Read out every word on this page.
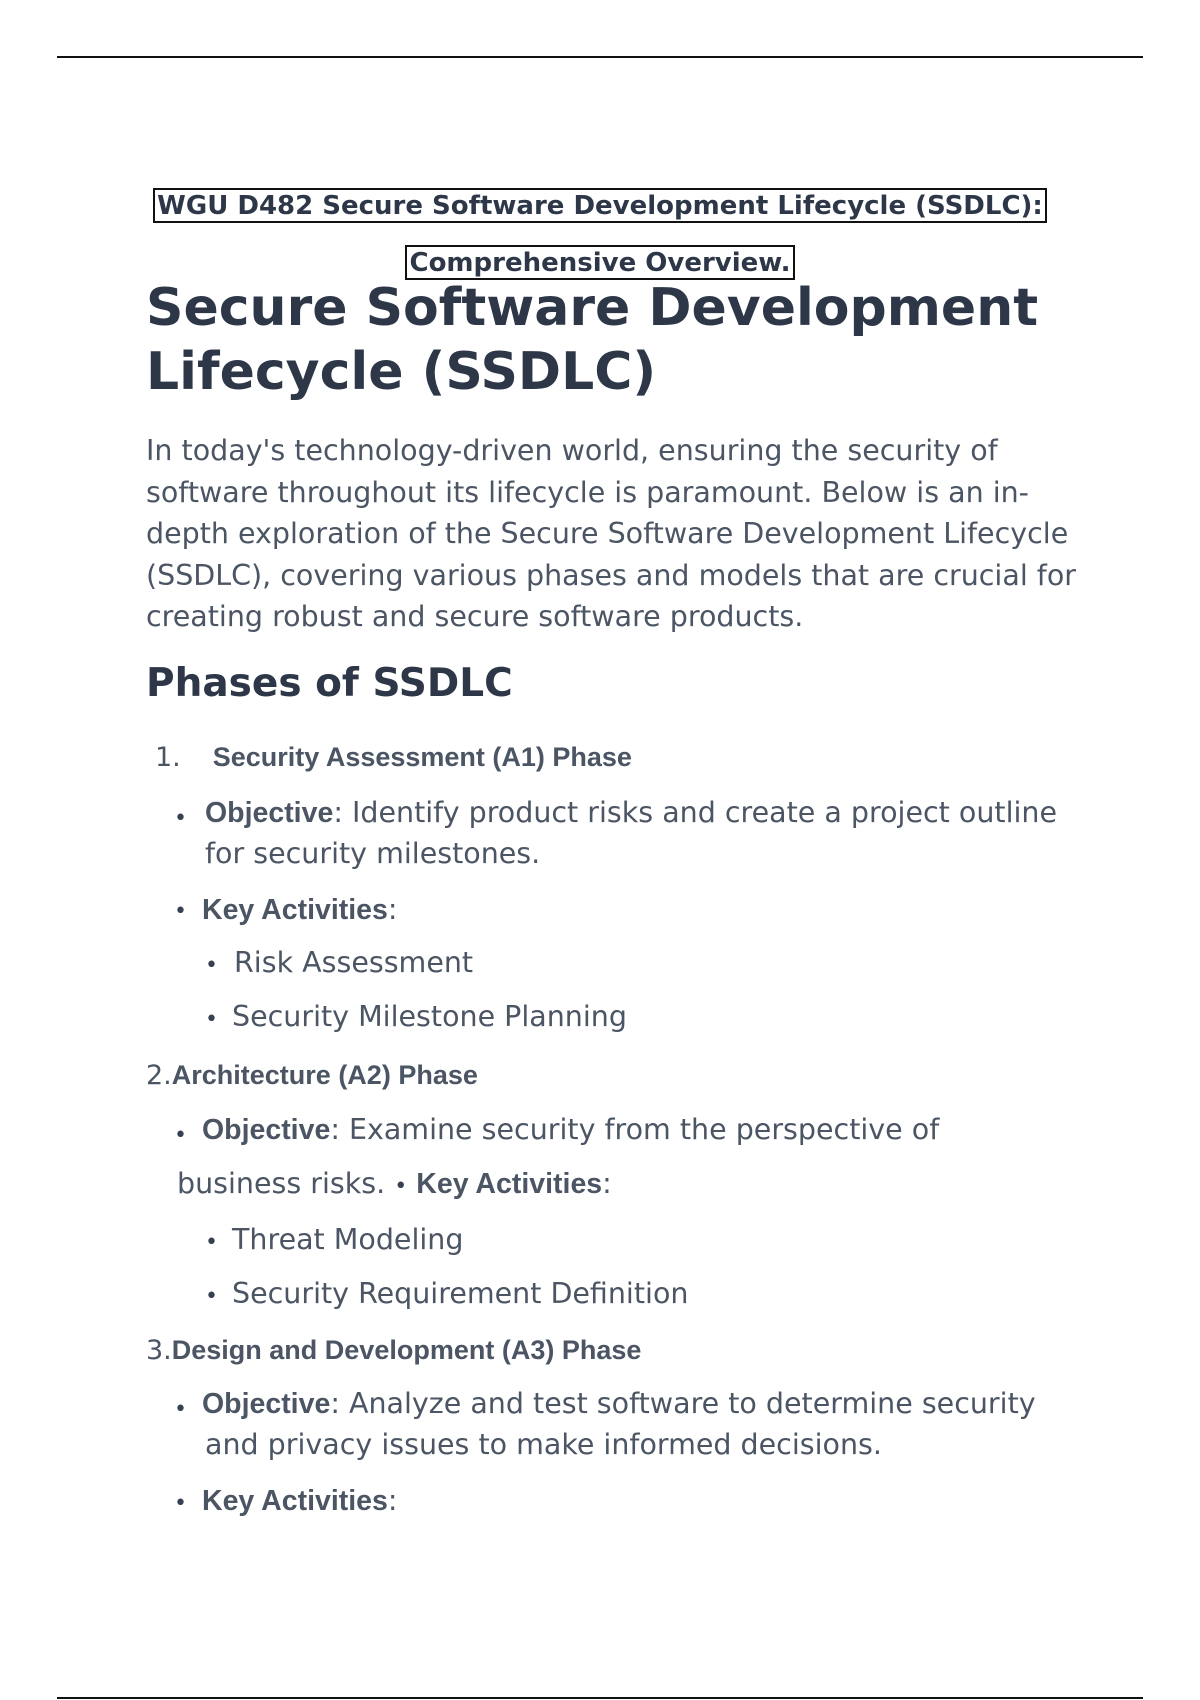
WGU D482 Secure Software Development Lifecycle (SSDLC):
Comprehensive Overview.
Secure Software Development Lifecycle (SSDLC)

In today's technology-driven world, ensuring the security of software throughout its lifecycle is paramount. Below is an in-depth exploration of the Secure Software Development Lifecycle (SSDLC), covering various phases and models that are crucial for creating robust and secure software products.

Phases of SSDLC
1. Security Assessment (A1) Phase
• Objective: Identify product risks and create a project outline
for security milestones.
• Key Activities:
• Risk Assessment
• Security Milestone Planning
2.Architecture (A2) Phase
• Objective: Examine security from the perspective of
business risks. • Key Activities:
• Threat Modeling
• Security Requirement Definition
3.Design and Development (A3) Phase
• Objective: Analyze and test software to determine security
and privacy issues to make informed decisions.
• Key Activities:
